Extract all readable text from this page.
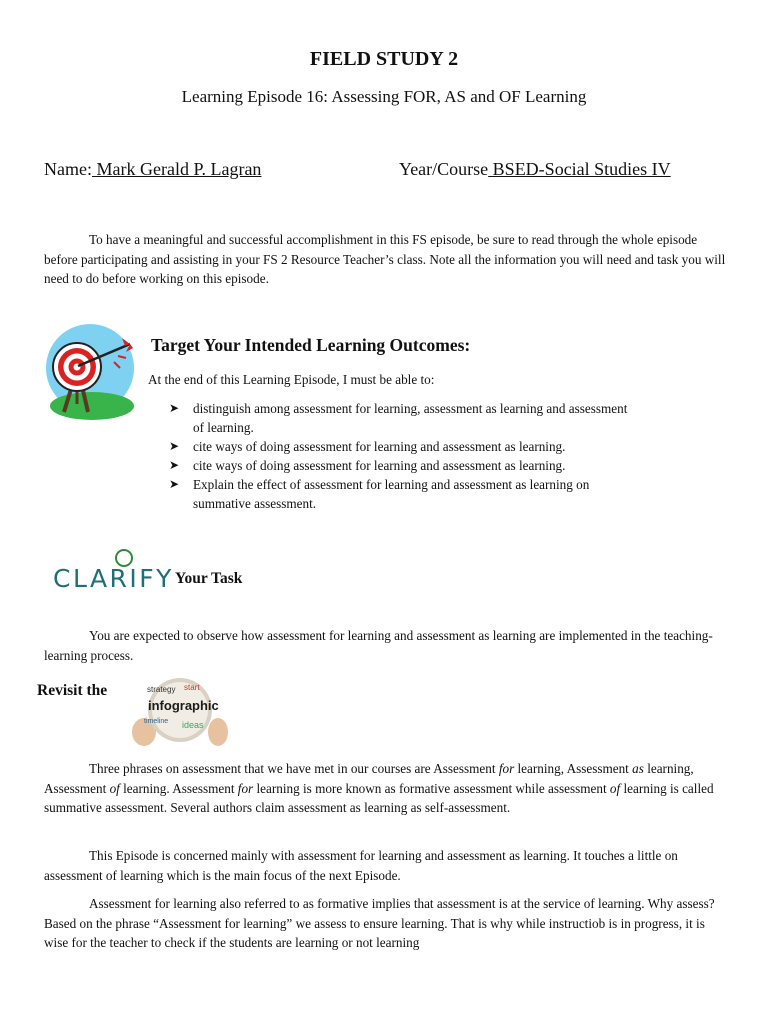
FIELD STUDY 2
Learning Episode 16: Assessing FOR, AS and OF Learning
Name: Mark Gerald P. Lagran	Year/Course BSED-Social Studies IV

To have a meaningful and successful accomplishment in this FS episode, be sure to read through the whole episode before participating and assisting in your FS 2 Resource Teacher’s class. Note all the information you will need and task you will need to do before working on this episode.

Target Your Intended Learning Outcomes:

At the end of this Learning Episode, I must be able to:

➤ distinguish among assessment for learning, assessment as learning and assessment of learning.
➤ cite ways of doing assessment for learning and assessment as learning.
➤ cite ways of doing assessment for learning and assessment as learning.
➤ Explain the effect of assessment for learning and assessment as learning on summative assessment.
CLARIFY Your Task

You are expected to observe how assessment for learning and assessment as learning are implemented in the teaching-learning process.

Revisit the	strategy start
timeline ideas
infographic

Three phrases on assessment that we have met in our courses are Assessment for learning, Assessment as learning, Assessment of learning. Assessment for learning is more known as formative assessment while assessment of learning is called summative assessment. Several authors claim assessment as learning as self-assessment.

This Episode is concerned mainly with assessment for learning and assessment as learning. It touches a little on assessment of learning which is the main focus of the next Episode.

Assessment for learning also referred to as formative implies that assessment is at the service of learning. Why assess? Based on the phrase “Assessment for learning” we assess to ensure learning. That is why while instructiob is in progress, it is wise for the teacher to check if the students are learning or not learning
